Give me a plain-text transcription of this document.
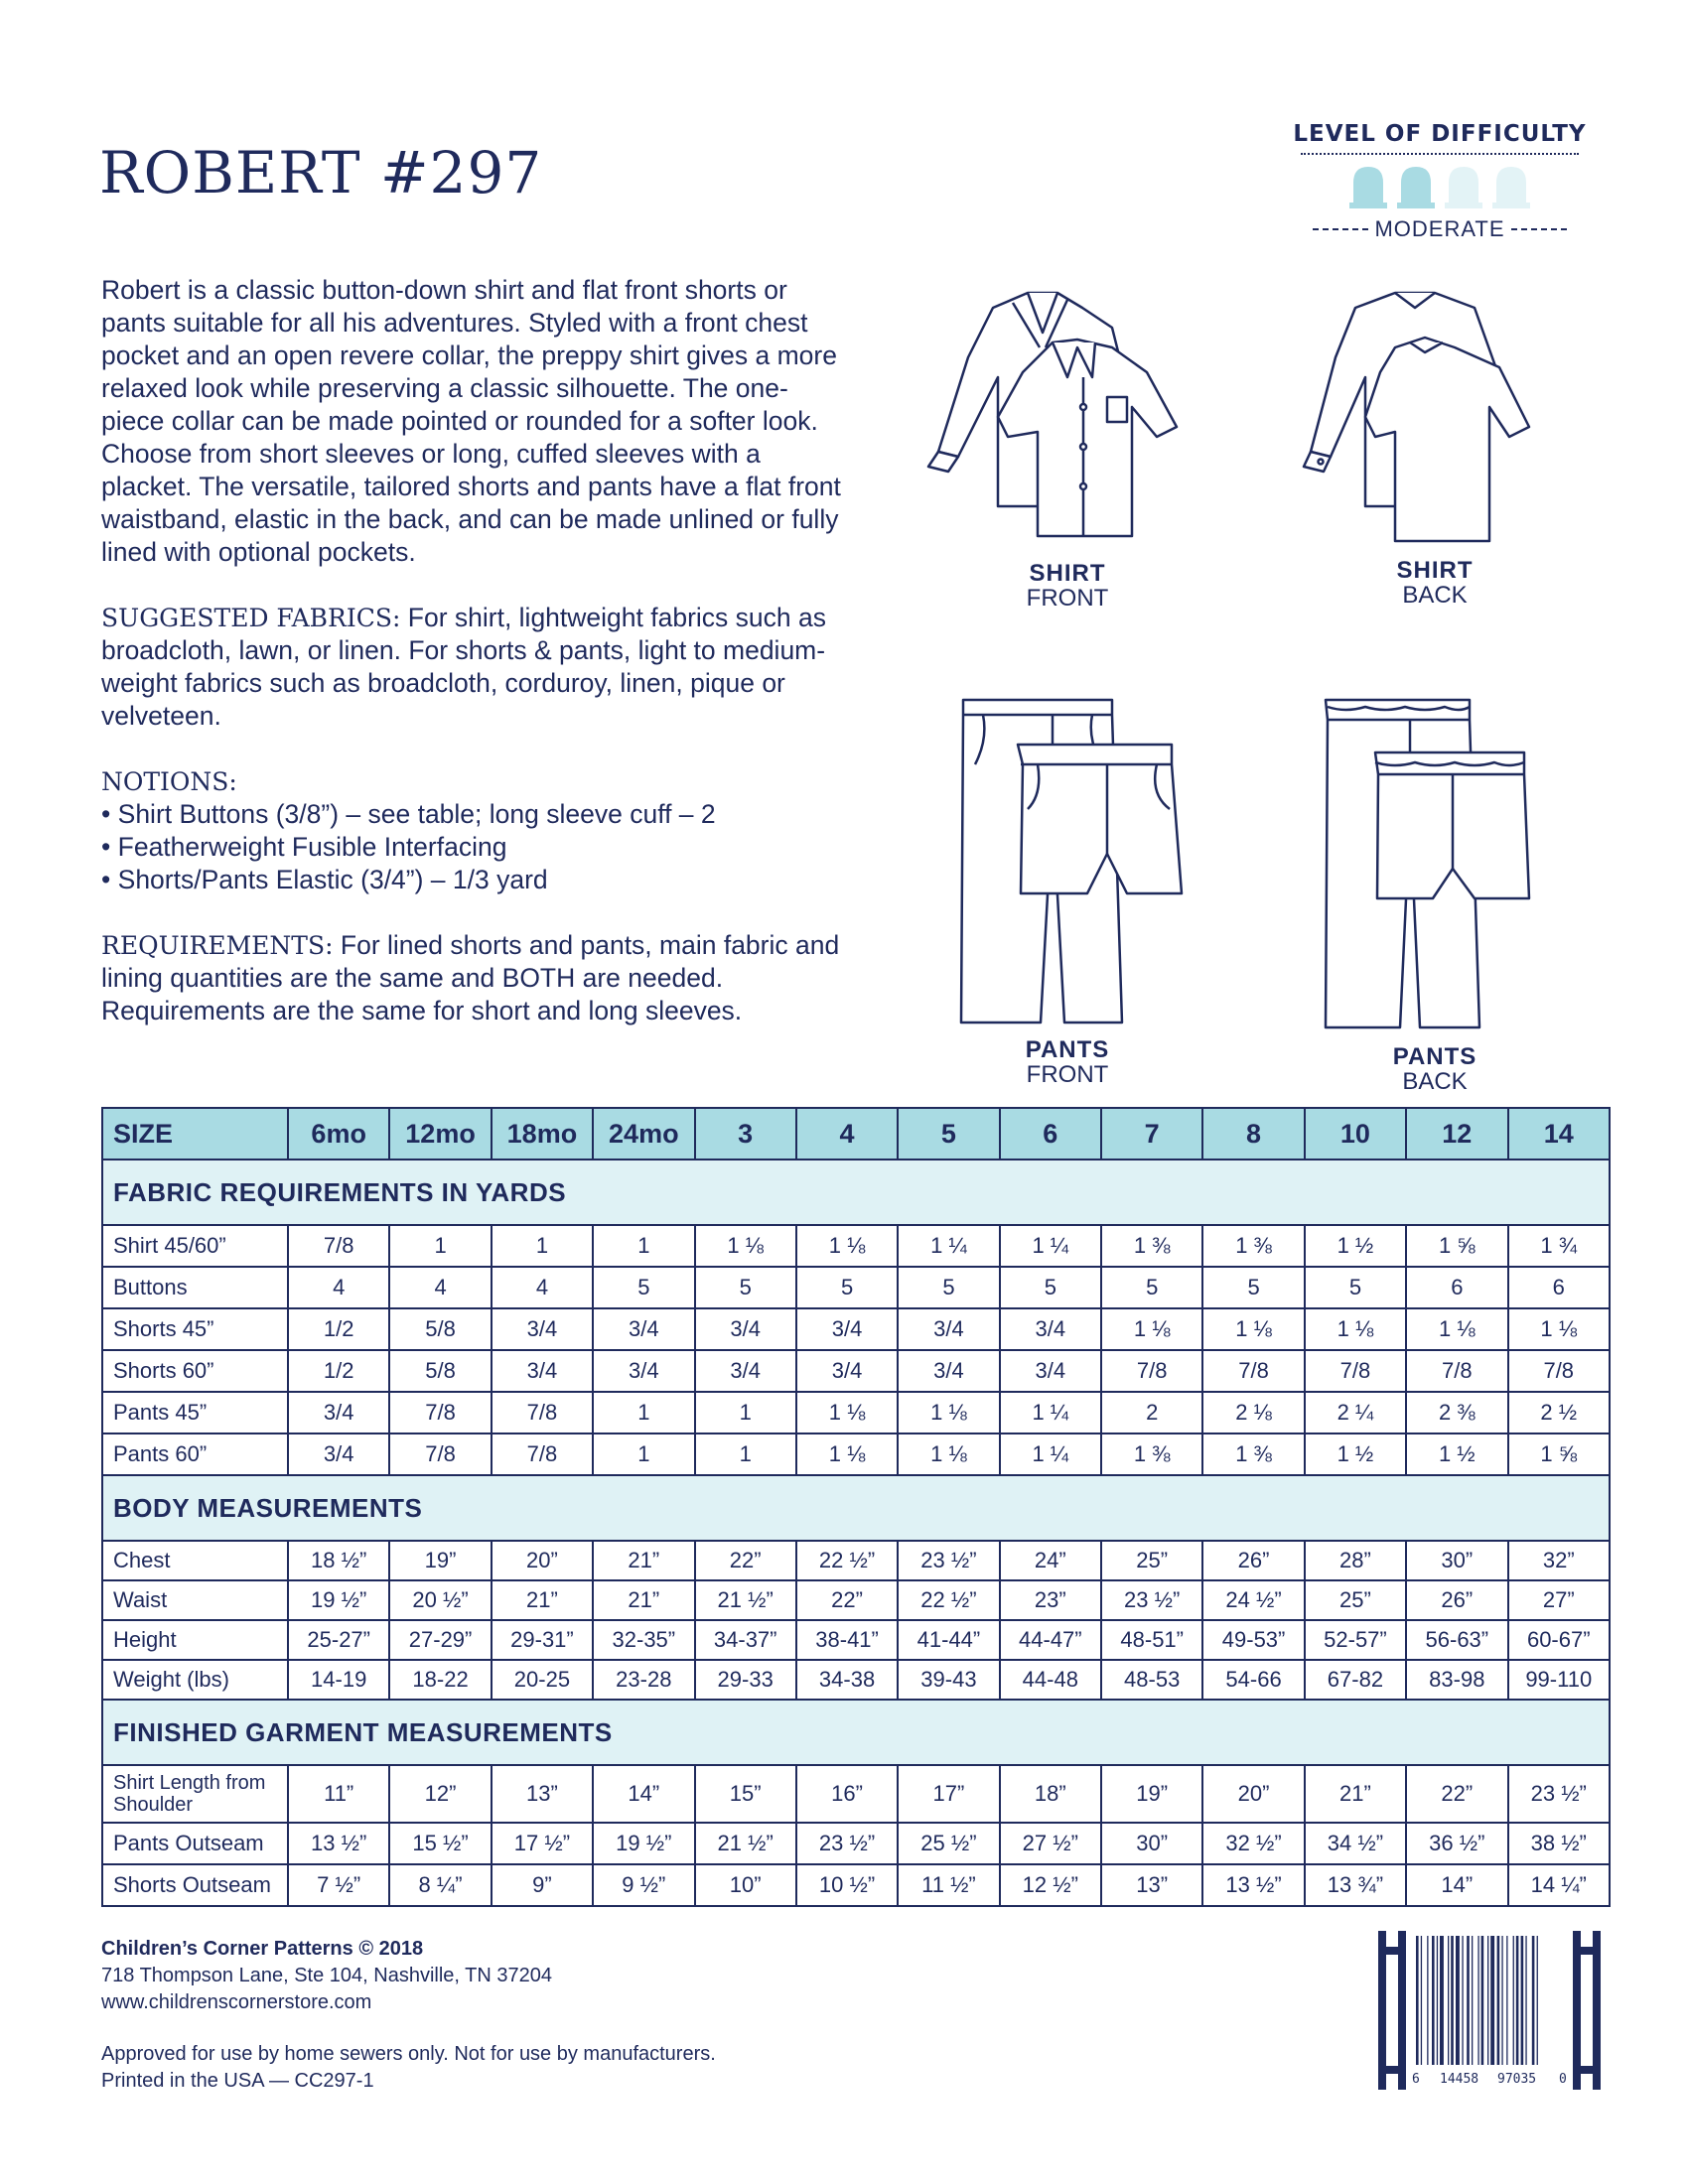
ROBERT #297
LEVEL OF DIFFICULTY
MODERATE

Robert is a classic button-down shirt and flat front shorts or pants suitable for all his adventures. Styled with a front chest pocket and an open revere collar, the preppy shirt gives a more relaxed look while preserving a classic silhouette. The one-piece collar can be made pointed or rounded for a softer look. Choose from short sleeves or long, cuffed sleeves with a placket. The versatile, tailored shorts and pants have a flat front waistband, elastic in the back, and can be made unlined or fully lined with optional pockets.

SUGGESTED FABRICS: For shirt, lightweight fabrics such as broadcloth, lawn, or linen. For shorts & pants, light to medium-weight fabrics such as broadcloth, corduroy, linen, pique or velveteen.

NOTIONS:
• Shirt Buttons (3/8”) – see table; long sleeve cuff – 2
• Featherweight Fusible Interfacing
• Shorts/Pants Elastic (3/4”) – 1/3 yard

REQUIREMENTS: For lined shorts and pants, main fabric and lining quantities are the same and BOTH are needed. Requirements are the same for short and long sleeves.

SHIRT
FRONT
SHIRT
BACK
PANTS
FRONT
PANTS
BACK
SIZE	6mo	12mo	18mo	24mo	3	4	5	6	7	8	10	12	14
FABRIC REQUIREMENTS IN YARDS													
Shirt 45/60”	7/8	1	1	1	1 ⅛	1 ⅛	1 ¼	1 ¼	1 ⅜	1 ⅜	1 ½	1 ⅝	1 ¾
Buttons	4	4	4	5	5	5	5	5	5	5	5	6	6
Shorts 45”	1/2	5/8	3/4	3/4	3/4	3/4	3/4	3/4	1 ⅛	1 ⅛	1 ⅛	1 ⅛	1 ⅛
Shorts 60”	1/2	5/8	3/4	3/4	3/4	3/4	3/4	3/4	7/8	7/8	7/8	7/8	7/8
Pants 45”	3/4	7/8	7/8	1	1	1 ⅛	1 ⅛	1 ¼	2	2 ⅛	2 ¼	2 ⅜	2 ½
Pants 60”	3/4	7/8	7/8	1	1	1 ⅛	1 ⅛	1 ¼	1 ⅜	1 ⅜	1 ½	1 ½	1 ⅝
BODY MEASUREMENTS													
Chest	18 ½”	19”	20”	21”	22”	22 ½”	23 ½”	24”	25”	26”	28”	30”	32”
Waist	19 ½”	20 ½”	21”	21”	21 ½”	22”	22 ½”	23”	23 ½”	24 ½”	25”	26”	27”
Height	25-27”	27-29”	29-31”	32-35”	34-37”	38-41”	41-44”	44-47”	48-51”	49-53”	52-57”	56-63”	60-67”
Weight (lbs)	14-19	18-22	20-25	23-28	29-33	34-38	39-43	44-48	48-53	54-66	67-82	83-98	99-110
FINISHED GARMENT MEASUREMENTS													
Shirt Length from Shoulder	11”	12”	13”	14”	15”	16”	17”	18”	19”	20”	21”	22”	23 ½”
Pants Outseam	13 ½”	15 ½”	17 ½”	19 ½”	21 ½”	23 ½”	25 ½”	27 ½”	30”	32 ½”	34 ½”	36 ½”	38 ½”
Shorts Outseam	7 ½”	8 ¼”	9”	9 ½”	10”	10 ½”	11 ½”	12 ½”	13”	13 ½”	13 ¾”	14”	14 ¼”

Children’s Corner Patterns © 2018

718 Thompson Lane, Ste 104, Nashville, TN 37204

www.childrenscornerstore.com

Approved for use by home sewers only. Not for use by manufacturers.

Printed in the USA — CC297-1	6 14458 97035 0
